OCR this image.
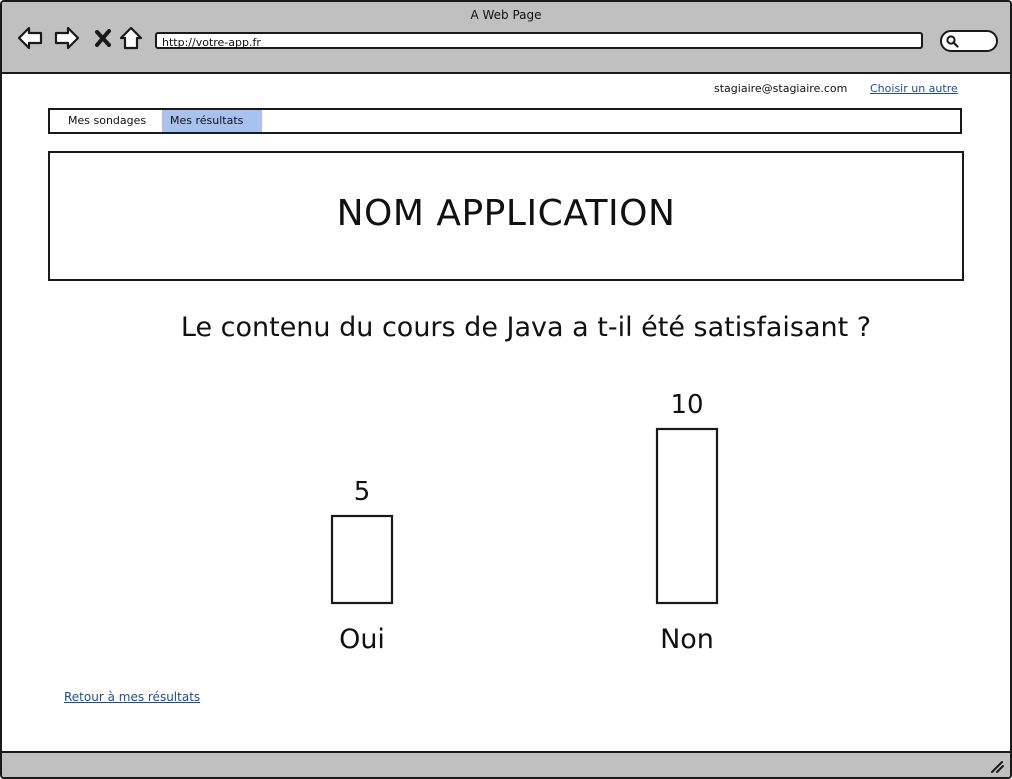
A Web Page
http://votre-app.fr
stagiaire@stagiaire.com Choisir un autre
Mes sondages	Mes résultats
NOM APPLICATION
Le contenu du cours de Java a t-il été satisfaisant ?
5
Oui
10
Non
Retour à mes résultats
